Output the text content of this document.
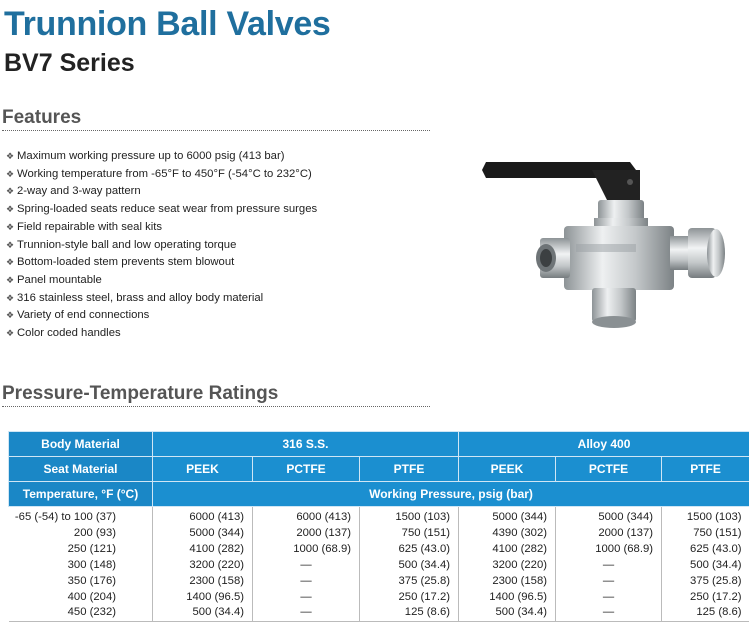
Trunnion Ball Valves
BV7 Series
Features
❖ Maximum working pressure up to 6000 psig (413 bar)
❖ Working temperature from -65°F to 450°F (-54°C to 232°C)
❖ 2-way and 3-way pattern
❖ Spring-loaded seats reduce seat wear from pressure surges
❖ Field repairable with seal kits
❖ Trunnion-style ball and low operating torque
❖ Bottom-loaded stem prevents stem blowout
❖ Panel mountable
❖ 316 stainless steel, brass and alloy body material
❖ Variety of end connections
❖ Color coded handles
Pressure-Temperature Ratings
Body Material	316 S.S.			Alloy 400		
Seat Material	PEEK	PCTFE	PTFE	PEEK	PCTFE	PTFE
Temperature, °F (°C)	Working Pressure, psig (bar)					
-65 (-54) to 100 (37)	6000 (413)	6000 (413)	1500 (103)	5000 (344)	5000 (344)	1500 (103)
200 (93)	5000 (344)	2000 (137)	750 (151)	4390 (302)	2000 (137)	750 (151)
250 (121)	4100 (282)	1000 (68.9)	625 (43.0)	4100 (282)	1000 (68.9)	625 (43.0)
300 (148)	3200 (220)	—	500 (34.4)	3200 (220)	—	500 (34.4)
350 (176)	2300 (158)	—	375 (25.8)	2300 (158)	—	375 (25.8)
400 (204)	1400 (96.5)	—	250 (17.2)	1400 (96.5)	—	250 (17.2)
450 (232)	500 (34.4)	—	125 (8.6)	500 (34.4)	—	125 (8.6)
